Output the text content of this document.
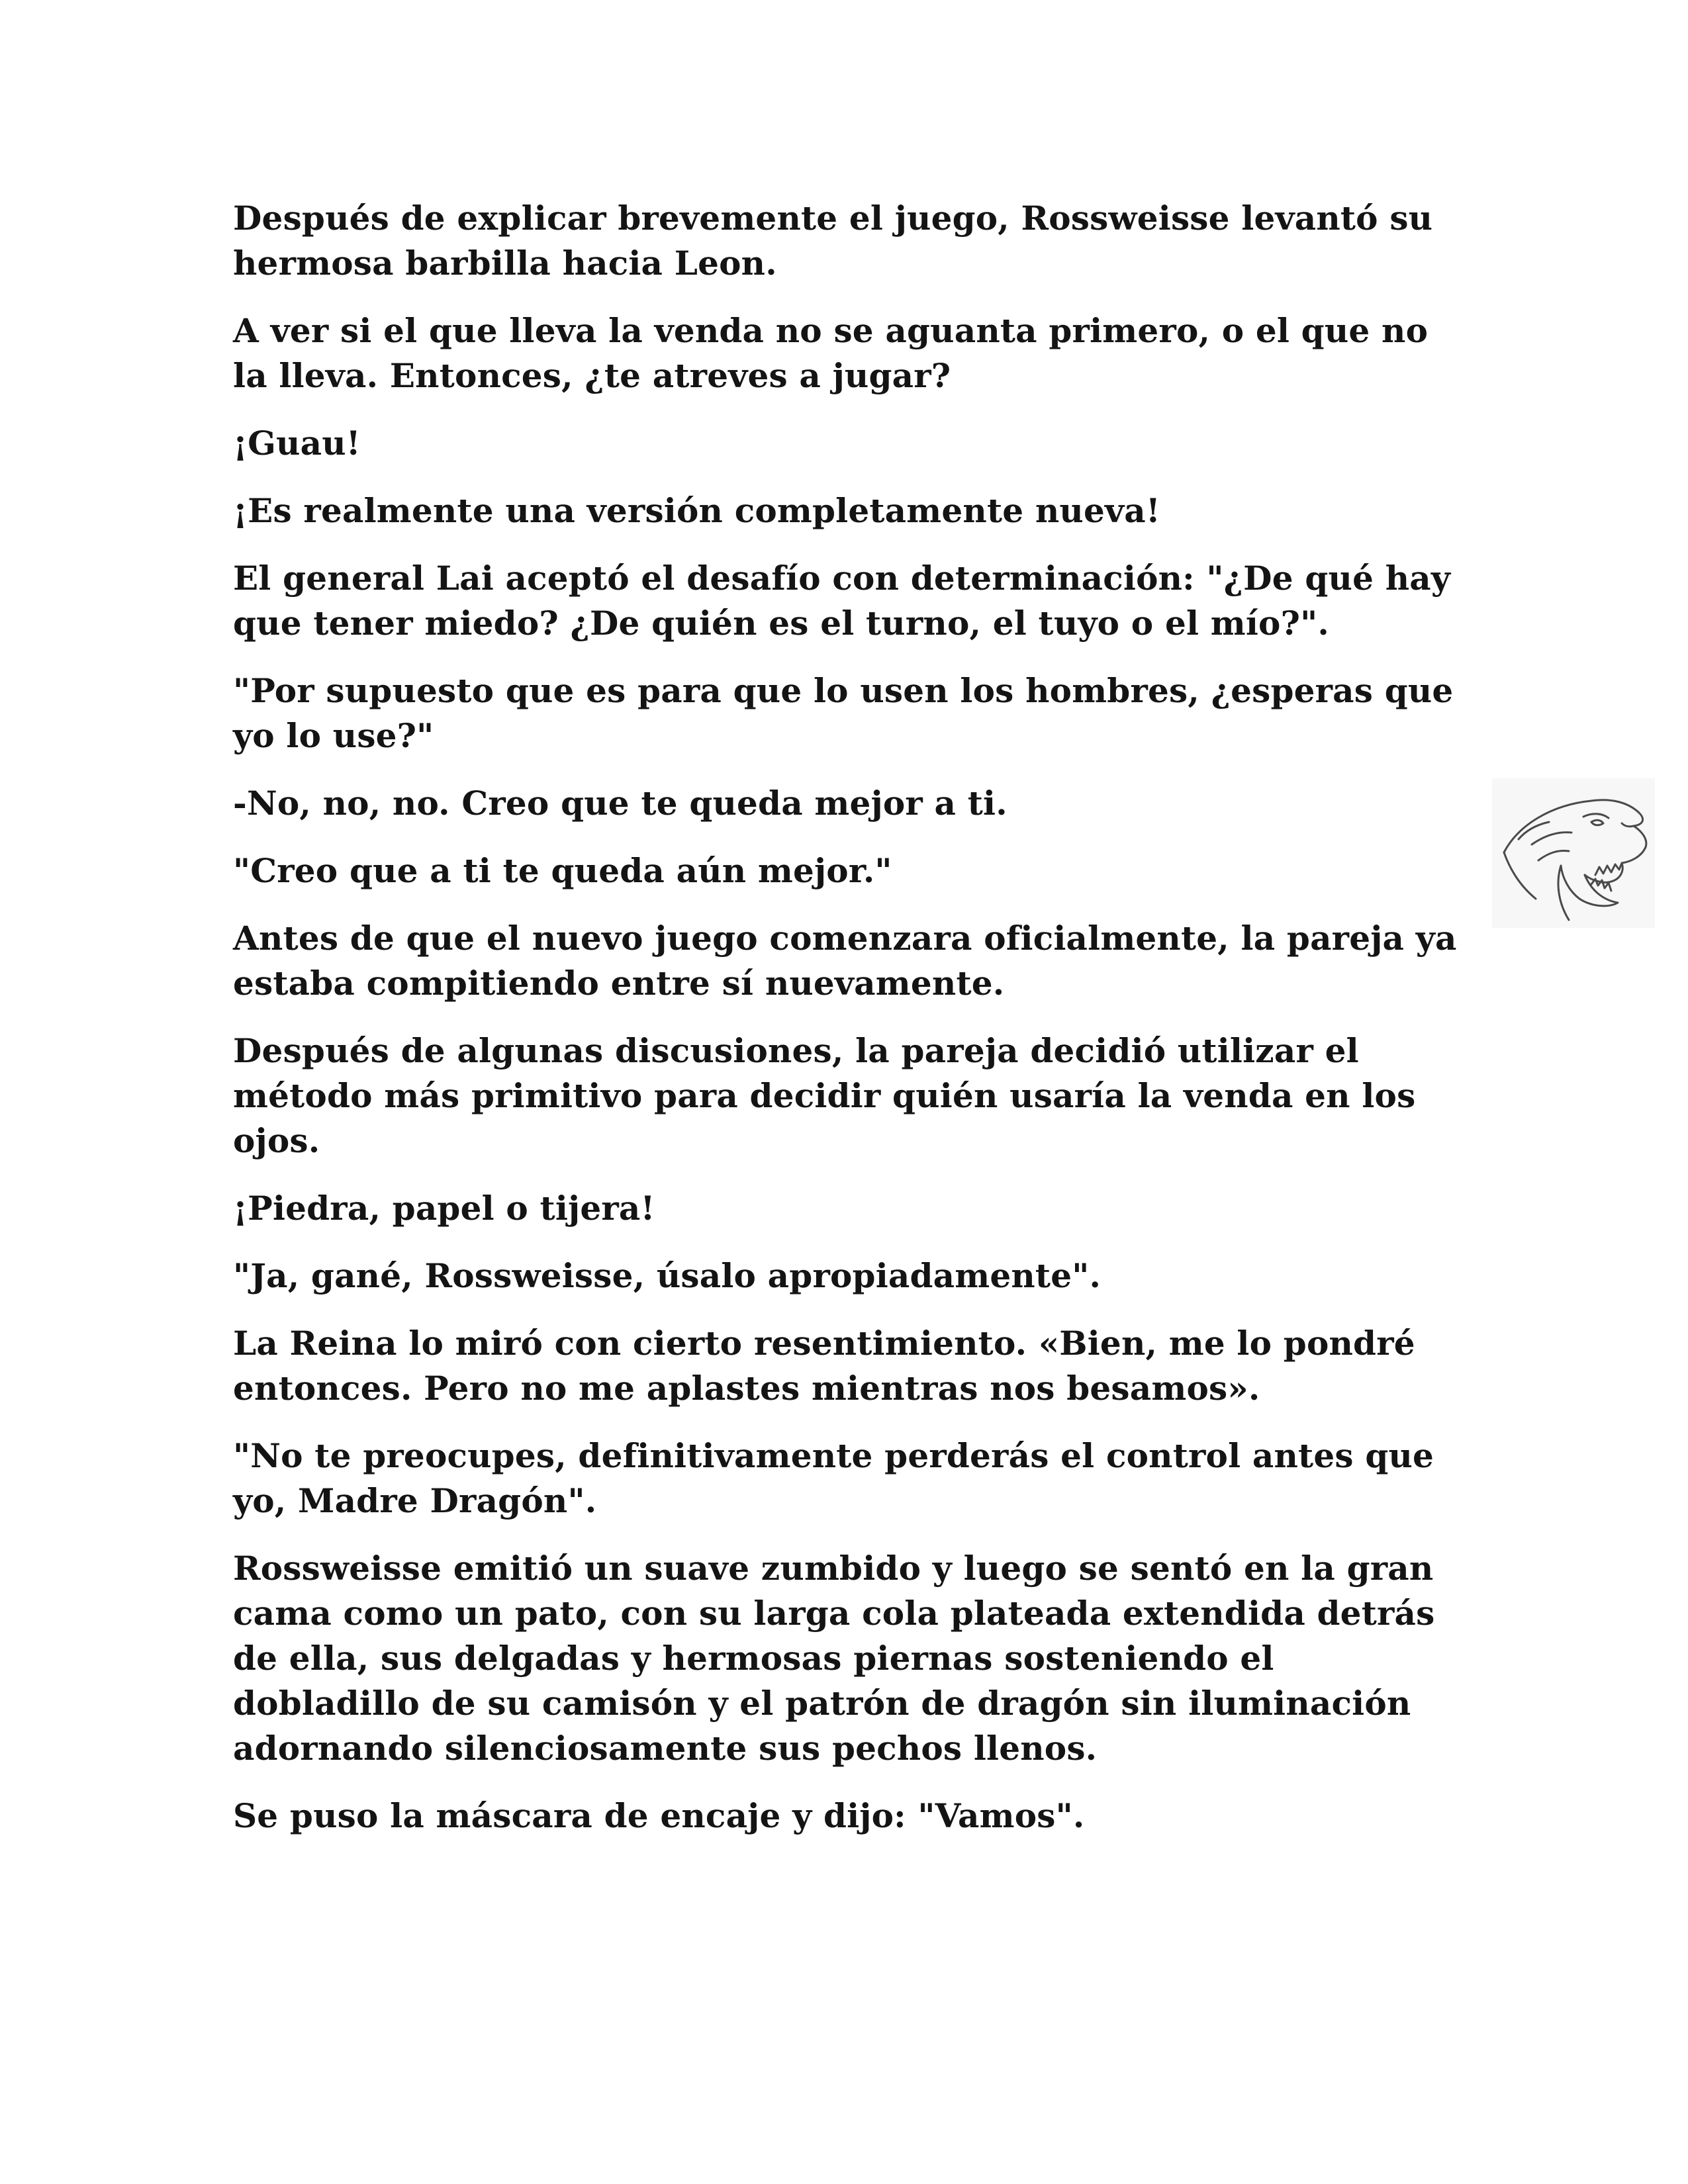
Después de explicar brevemente el juego, Rossweisse levantó su hermosa barbilla hacia Leon.

A ver si el que lleva la venda no se aguanta primero, o el que no la lleva. Entonces, ¿te atreves a jugar?

¡Guau!

¡Es realmente una versión completamente nueva!

El general Lai aceptó el desafío con determinación: "¿De qué hay que tener miedo? ¿De quién es el turno, el tuyo o el mío?".

"Por supuesto que es para que lo usen los hombres, ¿esperas que yo lo use?"

-No, no, no. Creo que te queda mejor a ti.

"Creo que a ti te queda aún mejor."

Antes de que el nuevo juego comenzara oficialmente, la pareja ya estaba compitiendo entre sí nuevamente.

Después de algunas discusiones, la pareja decidió utilizar el método más primitivo para decidir quién usaría la venda en los ojos.

¡Piedra, papel o tijera!

"Ja, gané, Rossweisse, úsalo apropiadamente".

La Reina lo miró con cierto resentimiento. «Bien, me lo pondré entonces. Pero no me aplastes mientras nos besamos».

"No te preocupes, definitivamente perderás el control antes que yo, Madre Dragón".

Rossweisse emitió un suave zumbido y luego se sentó en la gran cama como un pato, con su larga cola plateada extendida detrás de ella, sus delgadas y hermosas piernas sosteniendo el dobladillo de su camisón y el patrón de dragón sin iluminación adornando silenciosamente sus pechos llenos.

Se puso la máscara de encaje y dijo: "Vamos".
